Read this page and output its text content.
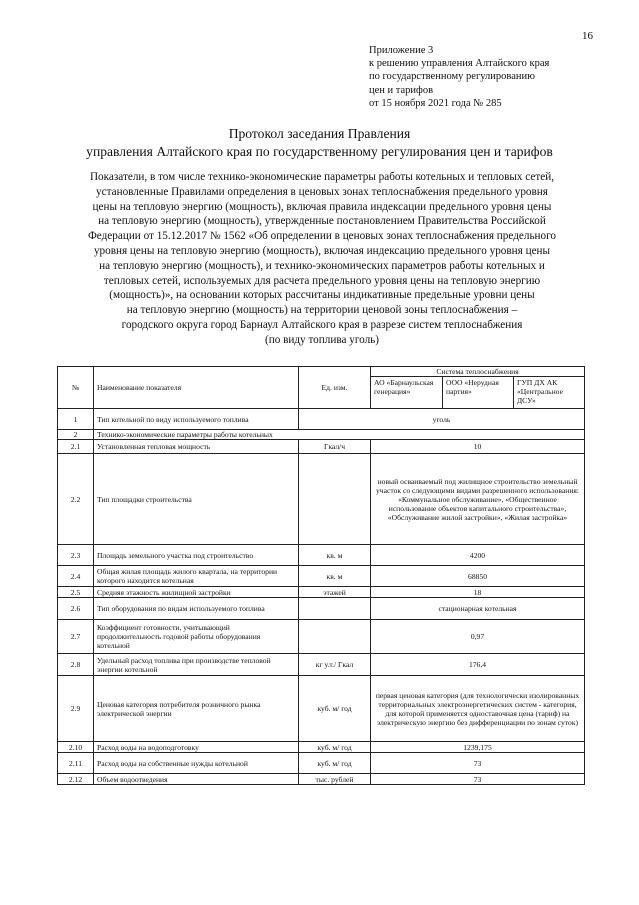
16
Приложение 3
к решению управления Алтайского края
по государственному регулированию
цен и тарифов
от 15 ноября 2021 года № 285
Протокол заседания Правления
управления Алтайского края по государственному регулирования цен и тарифов
Показатели, в том числе технико-экономические параметры работы котельных и тепловых сетей,
установленные Правилами определения в ценовых зонах теплоснабжения предельного уровня
цены на тепловую энергию (мощность), включая правила индексации предельного уровня цены
на тепловую энергию (мощность), утвержденные постановлением Правительства Российской
Федерации от 15.12.2017 № 1562 «Об определении в ценовых зонах теплоснабжения предельного
уровня цены на тепловую энергию (мощность), включая индексацию предельного уровня цены
на тепловую энергию (мощность), и технико-экономических параметров работы котельных и
тепловых сетей, используемых для расчета предельного уровня цены на тепловую энергию
(мощность)», на основании которых рассчитаны индикативные предельные уровни цены
на тепловую энергию (мощность) на территории ценовой зоны теплоснабжения –
городского округа город Барнаул Алтайского края в разрезе систем теплоснабжения
(по виду топлива уголь)
№	Наименование показателя	Ед. изм.	Система теплоснабжения		
			АО «Барнаульская генерация»	ООО «Нерудная партия»	ГУП ДХ АК «Центральное ДСУ»
1	Тип котельной по виду используемого топлива	уголь			
2	Технико-экономические параметры работы котельных				
2.1	Установленная тепловая мощность	Гкал/ч	10		
2.2	Тип площадки строительства		новый осваиваемый под жилищное строительство земельный участок со следующими видами разрешенного использования: «Коммунальное обслуживание», «Общественное использование объектов капитального строительства», «Обслуживание жилой застройки», «Жилая застройка»		
2.3	Площадь земельного участка под строительство	кв. м	4200		
2.4	Общая жилая площадь жилого квартала, на территории которого находится котельная	кв. м	68850		
2.5	Средняя этажность жилищной застройки	этажей	18		
2.6	Тип оборудования по видам используемого топлива		стационарная котельная		
2.7	Коэффициент готовности, учитывающий продолжительность годовой работы оборудования котельной		0,97		
2.8	Удельный расход топлива при производстве тепловой энергии котельной	кг у.т./ Гкал	176,4		
2.9	Ценовая категория потребителя розничного рынка электрической энергии	куб. м/ год	первая ценовая категория (для технологически изолированных территориальных электроэнергетических систем - категория, для которой применяется одноставочная цена (тариф) на электрическую энергию без дифференциации по зонам суток)		
2.10	Расход воды на водоподготовку	куб. м/ год	1239,175		
2.11	Расход воды на собственные нужды котельной	куб. м/ год	73		
2.12	Объем водоотведения	тыс. рублей	73		
